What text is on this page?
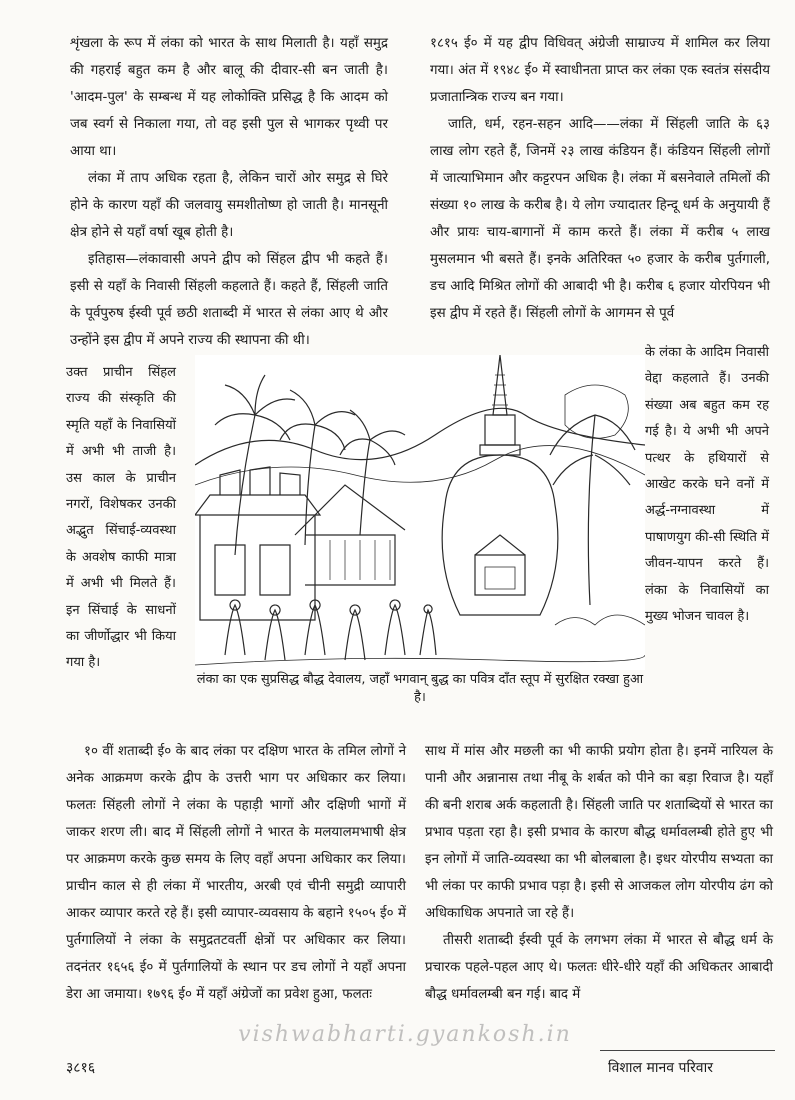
शृंखला के रूप में लंका को भारत के साथ मिलाती है। यहाँ समुद्र की गहराई बहुत कम है और बालू की दीवार-सी बन जाती है। 'आदम-पुल' के सम्बन्ध में यह लोकोक्ति प्रसिद्ध है कि आदम को जब स्वर्ग से निकाला गया, तो वह इसी पुल से भागकर पृथ्वी पर आया था।

लंका में ताप अधिक रहता है, लेकिन चारों ओर समुद्र से घिरे होने के कारण यहाँ की जलवायु समशीतोष्ण हो जाती है। मानसूनी क्षेत्र होने से यहाँ वर्षा खूब होती है।

इतिहास—लंकावासी अपने द्वीप को सिंहल द्वीप भी कहते हैं। इसी से यहाँ के निवासी सिंहली कहलाते हैं। कहते हैं, सिंहली जाति के पूर्वपुरुष ईस्वी पूर्व छठी शताब्दी में भारत से लंका आए थे और उन्होंने इस द्वीप में अपने राज्य की स्थापना की थी।

१८१५ ई० में यह द्वीप विधिवत् अंग्रेजी साम्राज्य में शामिल कर लिया गया। अंत में १९४८ ई० में स्वाधीनता प्राप्त कर लंका एक स्वतंत्र संसदीय प्रजातान्त्रिक राज्य बन गया।

जाति, धर्म, रहन-सहन आदि——लंका में सिंहली जाति के ६३ लाख लोग रहते हैं, जिनमें २३ लाख कंडियन हैं। कंडियन सिंहली लोगों में जात्याभिमान और कट्टरपन अधिक है। लंका में बसनेवाले तमिलों की संख्या १० लाख के करीब है। ये लोग ज्यादातर हिन्दू धर्म के अनुयायी हैं और प्रायः चाय-बागानों में काम करते हैं। लंका में करीब ५ लाख मुसलमान भी बसते हैं। इनके अतिरिक्त ५० हजार के करीब पुर्तगाली, डच आदि मिश्रित लोगों की आबादी भी है। करीब ६ हजार योरपियन भी इस द्वीप में रहते हैं। सिंहली लोगों के आगमन से पूर्व

उक्त प्राचीन सिंहल राज्य की संस्कृति की स्मृति यहाँ के निवासियों में अभी भी ताजी है। उस काल के प्राचीन नगरों, विशेषकर उनकी अद्भुत सिंचाई-व्यवस्था के अवशेष काफी मात्रा में अभी भी मिलते हैं। इन सिंचाई के साधनों का जीर्णोद्धार भी किया गया है।

लंका का एक सुप्रसिद्ध बौद्ध देवालय, जहाँ भगवान् बुद्ध का पवित्र दाँत स्तूप में सुरक्षित रक्खा हुआ है।

के लंका के आदिम निवासी वेद्दा कहलाते हैं। उनकी संख्या अब बहुत कम रह गई है। ये अभी भी अपने पत्थर के हथियारों से आखेट करके घने वनों में अर्द्ध-नग्नावस्था में पाषाणयुग की-सी स्थिति में जीवन-यापन करते हैं। लंका के निवासियों का मुख्य भोजन चावल है।

१० वीं शताब्दी ई० के बाद लंका पर दक्षिण भारत के तमिल लोगों ने अनेक आक्रमण करके द्वीप के उत्तरी भाग पर अधिकार कर लिया। फलतः सिंहली लोगों ने लंका के पहाड़ी भागों और दक्षिणी भागों में जाकर शरण ली। बाद में सिंहली लोगों ने भारत के मलयालमभाषी क्षेत्र पर आक्रमण करके कुछ समय के लिए वहाँ अपना अधिकार कर लिया। प्राचीन काल से ही लंका में भारतीय, अरबी एवं चीनी समुद्री व्यापारी आकर व्यापार करते रहे हैं। इसी व्यापार-व्यवसाय के बहाने १५०५ ई० में पुर्तगालियों ने लंका के समुद्रतटवर्ती क्षेत्रों पर अधिकार कर लिया। तदनंतर १६५६ ई० में पुर्तगालियों के स्थान पर डच लोगों ने यहाँ अपना डेरा आ जमाया। १७९६ ई० में यहाँ अंग्रेजों का प्रवेश हुआ, फलतः

साथ में मांस और मछली का भी काफी प्रयोग होता है। इनमें नारियल के पानी और अन्नानास तथा नीबू के शर्बत को पीने का बड़ा रिवाज है। यहाँ की बनी शराब अर्क कहलाती है। सिंहली जाति पर शताब्दियों से भारत का प्रभाव पड़ता रहा है। इसी प्रभाव के कारण बौद्ध धर्मावलम्बी होते हुए भी इन लोगों में जाति-व्यवस्था का भी बोलबाला है। इधर योरपीय सभ्यता का भी लंका पर काफी प्रभाव पड़ा है। इसी से आजकल लोग योरपीय ढंग को अधिकाधिक अपनाते जा रहे हैं।

तीसरी शताब्दी ईस्वी पूर्व के लगभग लंका में भारत से बौद्ध धर्म के प्रचारक पहले-पहल आए थे। फलतः धीरे-धीरे यहाँ की अधिकतर आबादी बौद्ध धर्मावलम्बी बन गई। बाद में

vishwabharti.gyankosh.in
३८१६	विशाल मानव परिवार
